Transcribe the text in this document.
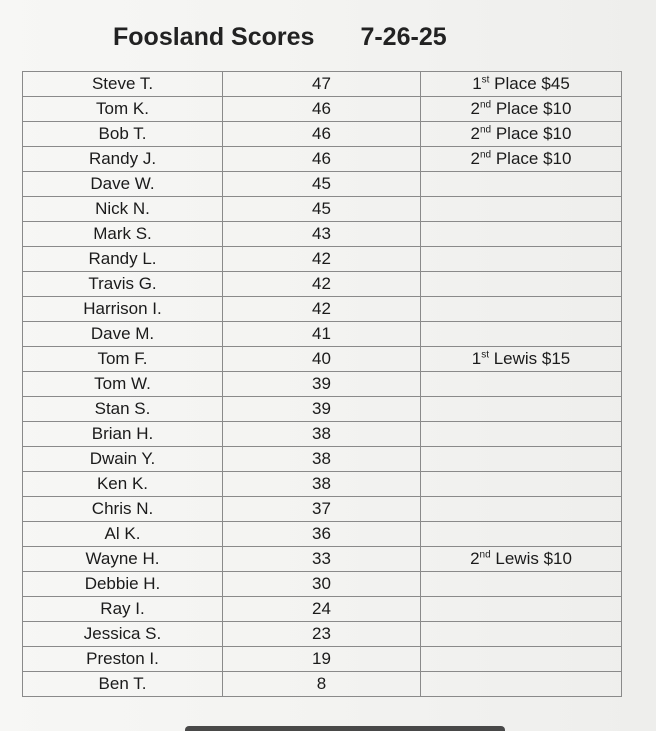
Foosland Scores 7-26-25
Steve T.	47	1st Place $45
Tom K.	46	2nd Place $10
Bob T.	46	2nd Place $10
Randy J.	46	2nd Place $10
Dave W.	45	
Nick N.	45	
Mark S.	43	
Randy L.	42	
Travis G.	42	
Harrison I.	42	
Dave M.	41	
Tom F.	40	1st Lewis $15
Tom W.	39	
Stan S.	39	
Brian H.	38	
Dwain Y.	38	
Ken K.	38	
Chris N.	37	
Al K.	36	
Wayne H.	33	2nd Lewis $10
Debbie H.	30	
Ray I.	24	
Jessica S.	23	
Preston I.	19	
Ben T.	8	
